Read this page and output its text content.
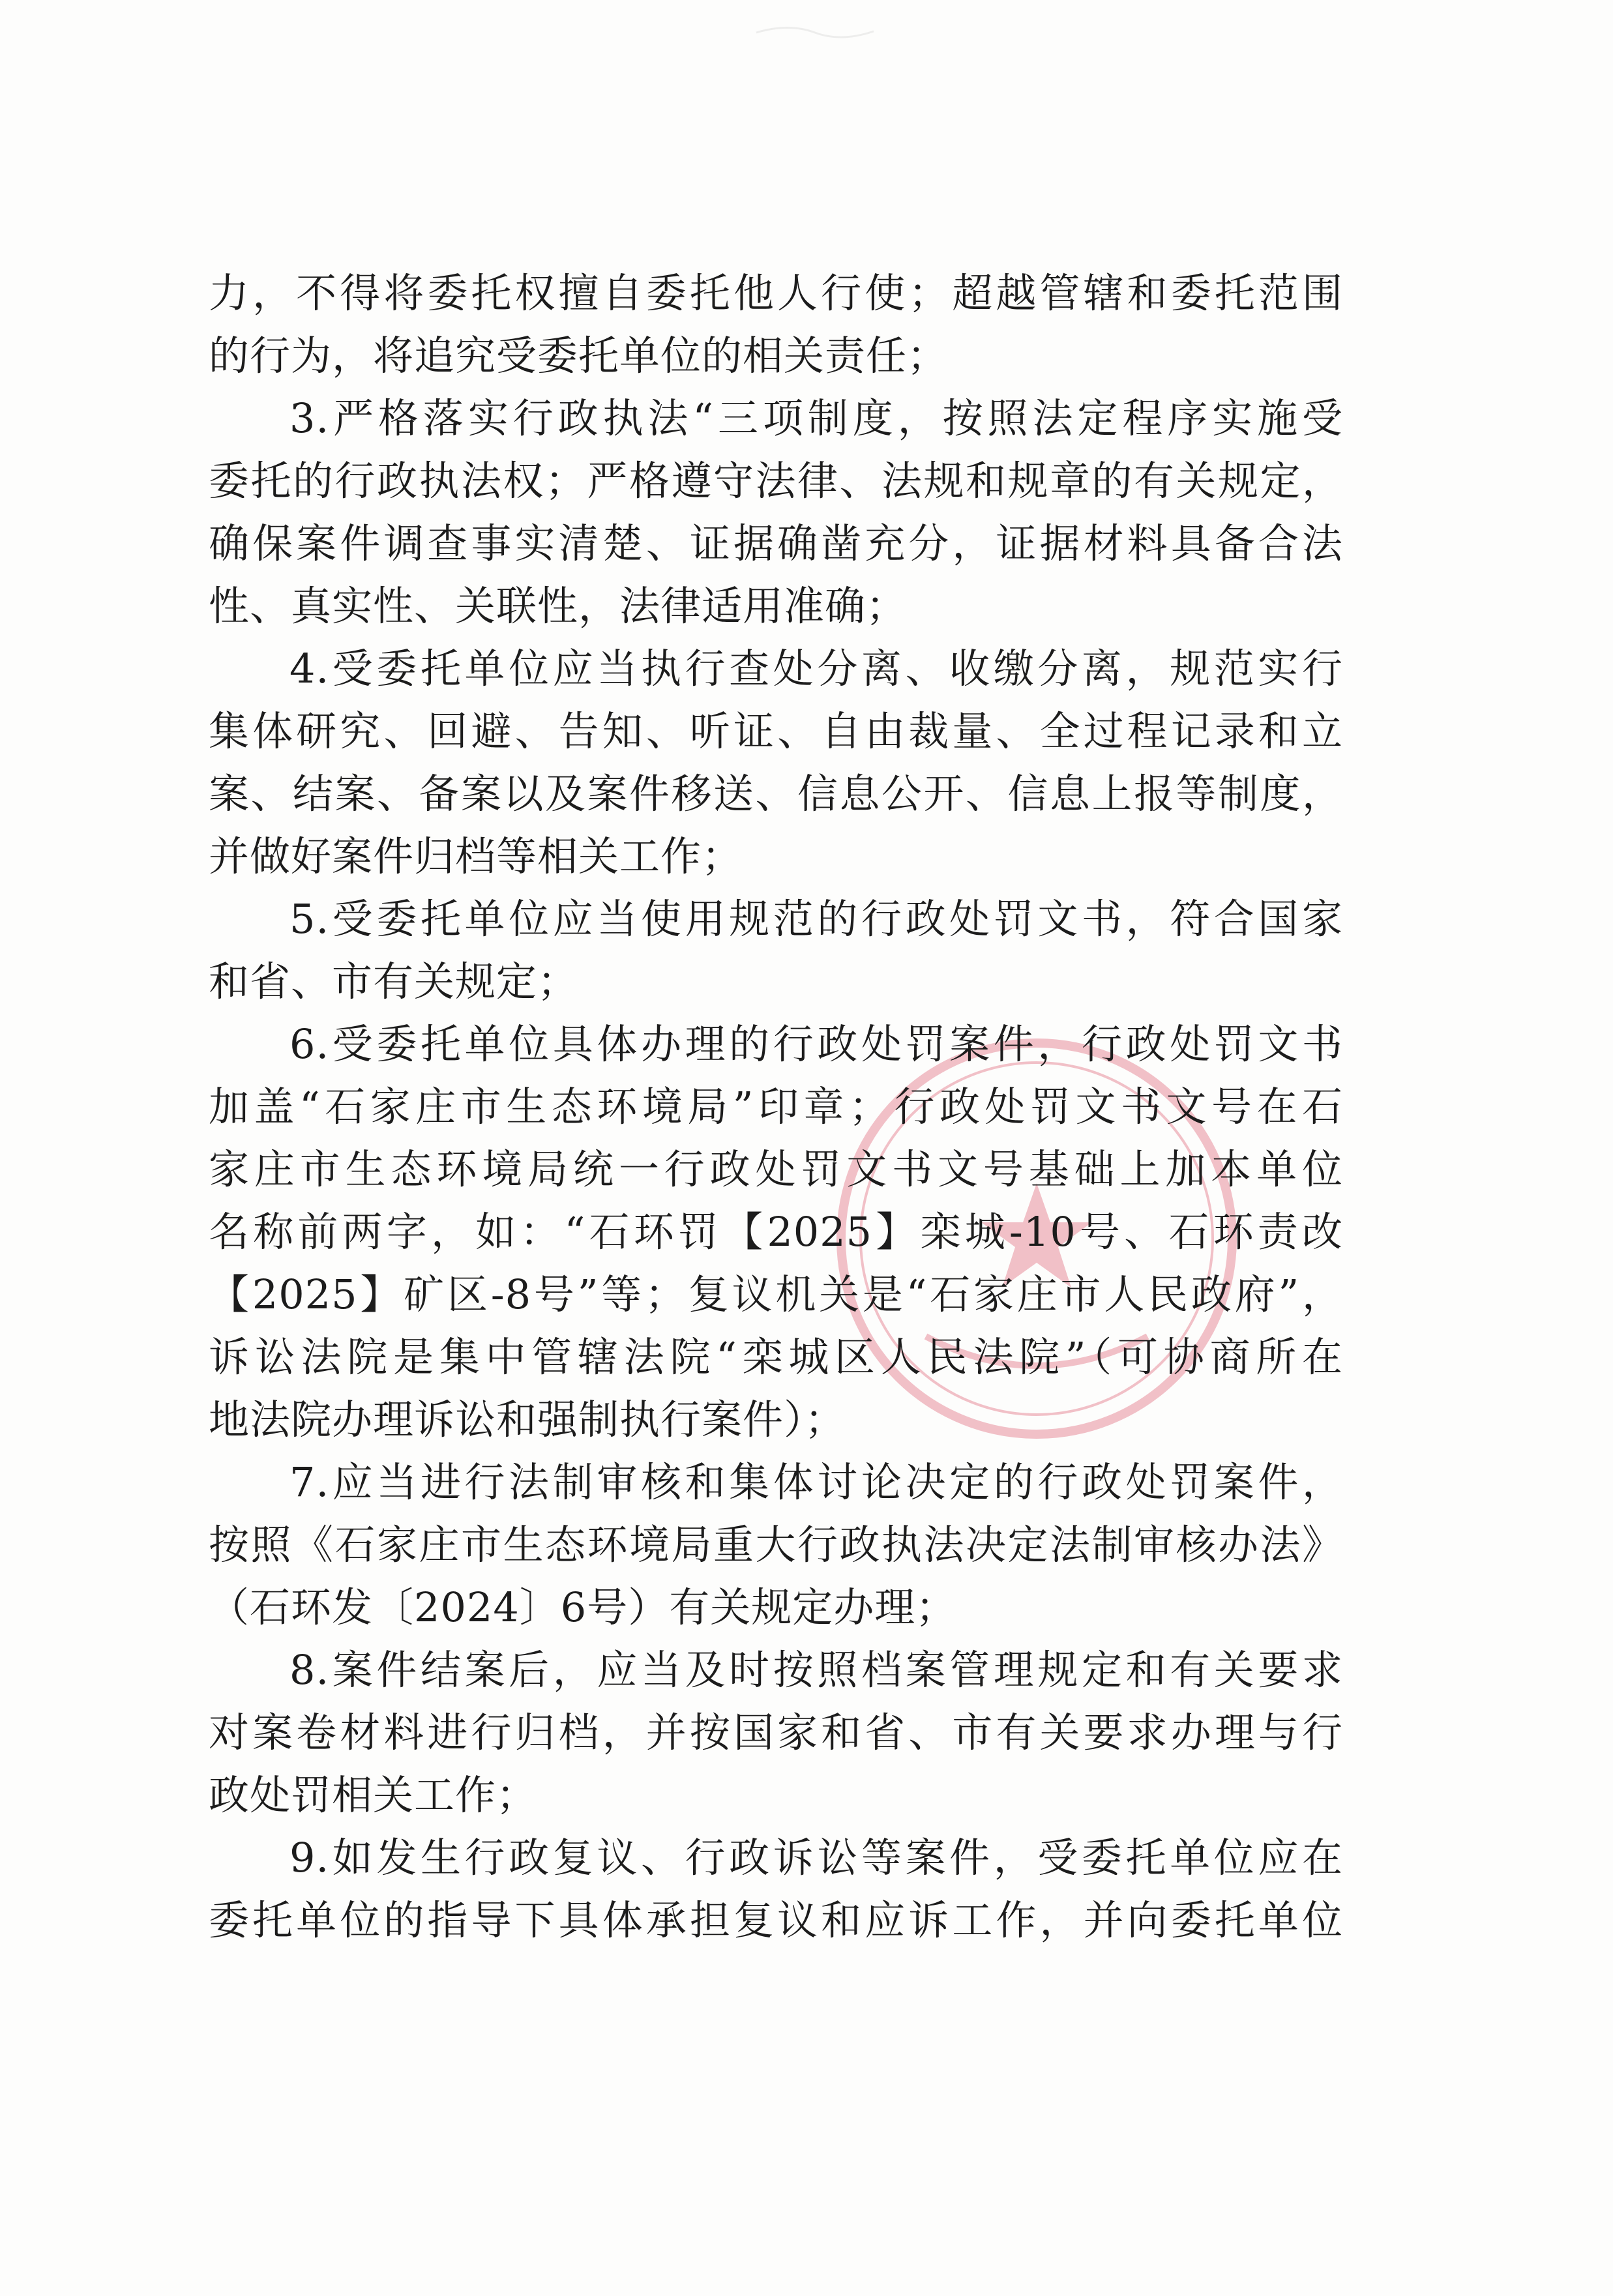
力，不得将委托权擅自委托他人行使；超越管辖和委托范围
的行为，将追究受委托单位的相关责任；
3.严格落实行政执法“三项制度，按照法定程序实施受
委托的行政执法权；严格遵守法律、法规和规章的有关规定，
确保案件调查事实清楚、证据确凿充分，证据材料具备合法
性、真实性、关联性，法律适用准确；
4.受委托单位应当执行查处分离、收缴分离，规范实行
集体研究、回避、告知、听证、自由裁量、全过程记录和立
案、结案、备案以及案件移送、信息公开、信息上报等制度，
并做好案件归档等相关工作；
5.受委托单位应当使用规范的行政处罚文书，符合国家
和省、市有关规定；
6.受委托单位具体办理的行政处罚案件，行政处罚文书
加盖“石家庄市生态环境局”印章；行政处罚文书文号在石
家庄市生态环境局统一行政处罚文书文号基础上加本单位
名称前两字，如：“石环罚【2025】栾城-10号、石环责改
【2025】矿区-8号”等；复议机关是“石家庄市人民政府”，
诉讼法院是集中管辖法院“栾城区人民法院”（可协商所在
地法院办理诉讼和强制执行案件）；
7.应当进行法制审核和集体讨论决定的行政处罚案件，
按照《石家庄市生态环境局重大行政执法决定法制审核办法》
（石环发〔2024〕6号）有关规定办理；
8.案件结案后，应当及时按照档案管理规定和有关要求
对案卷材料进行归档，并按国家和省、市有关要求办理与行
政处罚相关工作；
9.如发生行政复议、行政诉讼等案件，受委托单位应在
委托单位的指导下具体承担复议和应诉工作，并向委托单位
